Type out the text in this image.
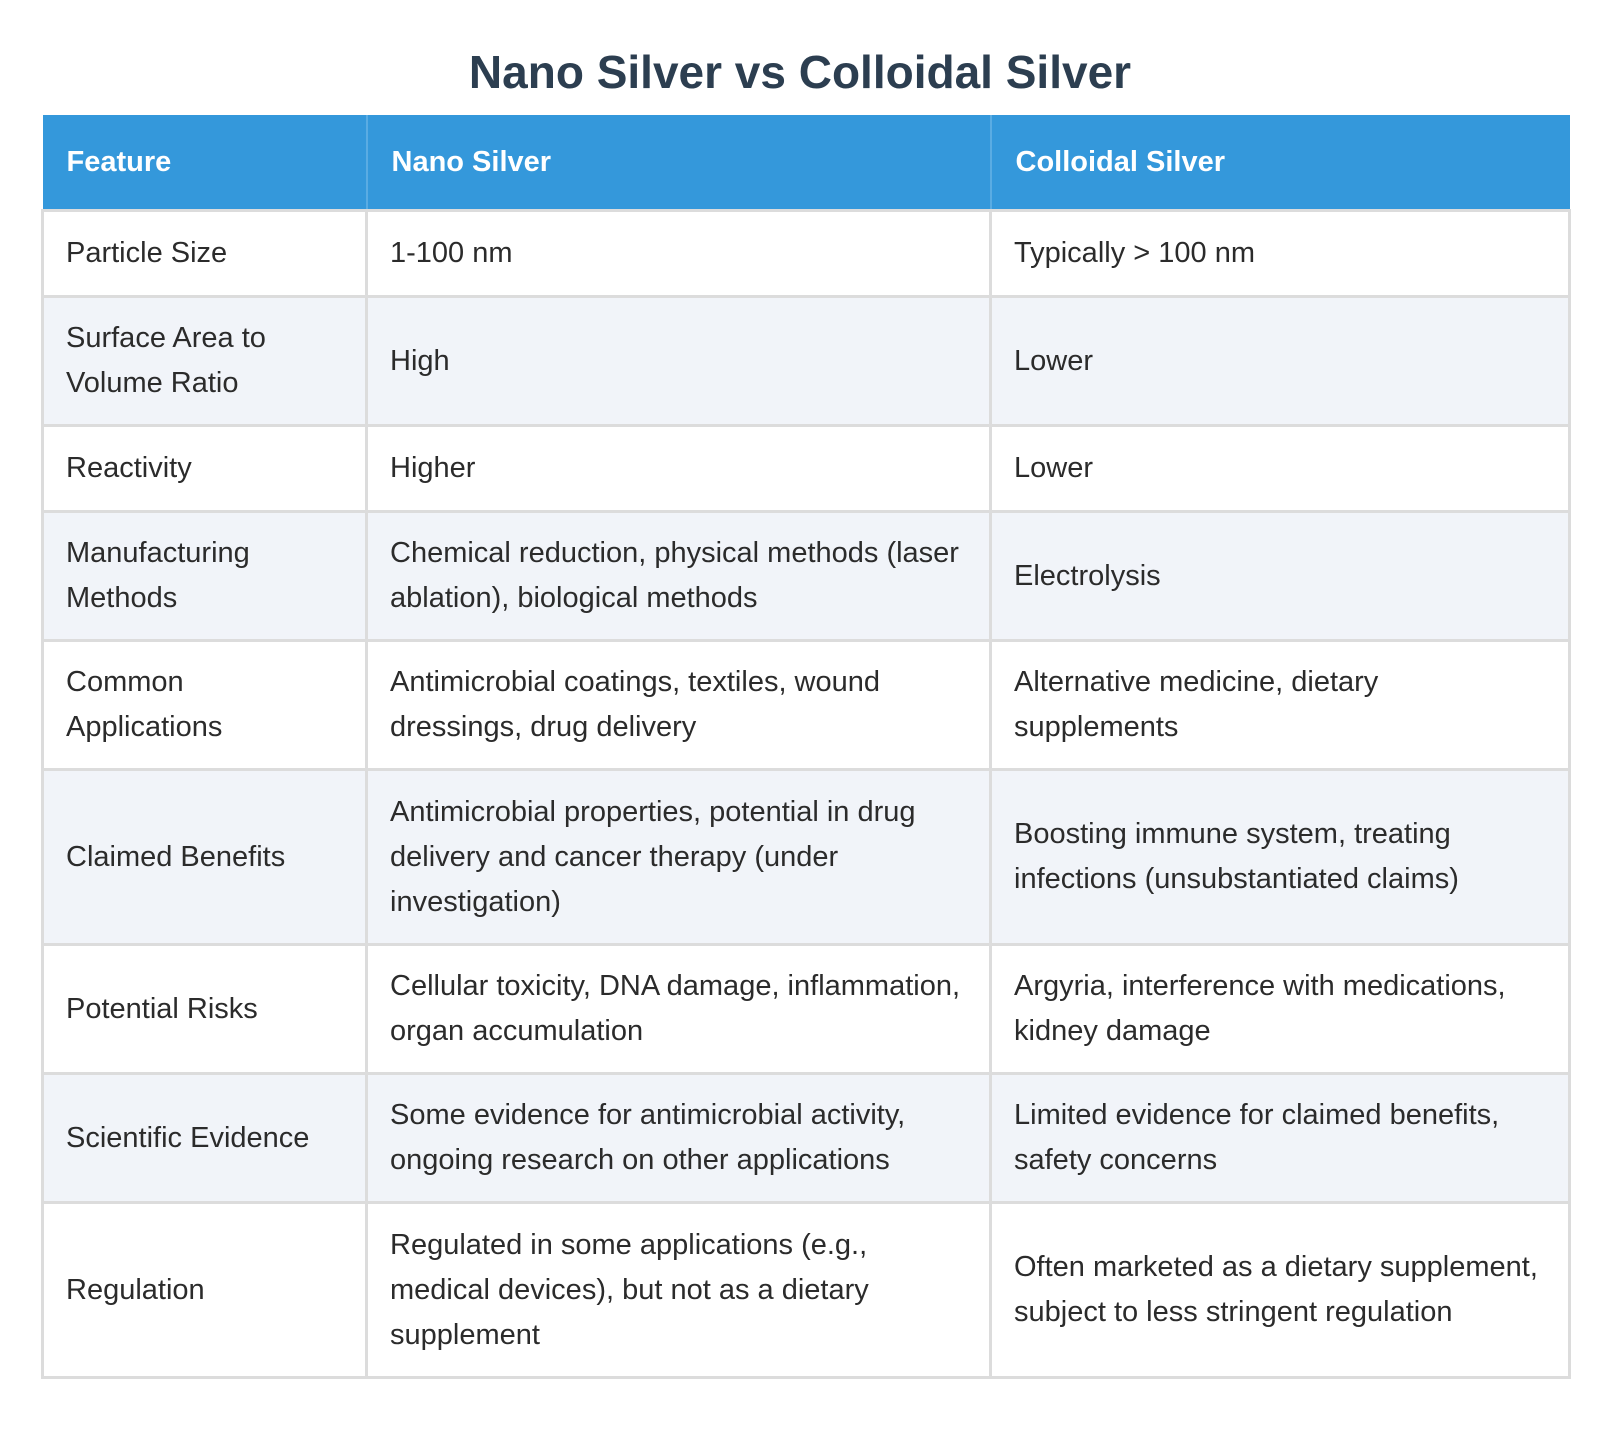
Nano Silver vs Colloidal Silver
Feature	Nano Silver	Colloidal Silver
Particle Size	1-100 nm	Typically > 100 nm
Surface Area to Volume Ratio	High	Lower
Reactivity	Higher	Lower
Manufacturing Methods	Chemical reduction, physical methods (laser ablation), biological methods	Electrolysis
Common Applications	Antimicrobial coatings, textiles, wound dressings, drug delivery	Alternative medicine, dietary supplements
Claimed Benefits	Antimicrobial properties, potential in drug delivery and cancer therapy (under investigation)	Boosting immune system, treating infections (unsubstantiated claims)
Potential Risks	Cellular toxicity, DNA damage, inflammation, organ accumulation	Argyria, interference with medications, kidney damage
Scientific Evidence	Some evidence for antimicrobial activity, ongoing research on other applications	Limited evidence for claimed benefits, safety concerns
Regulation	Regulated in some applications (e.g., medical devices), but not as a dietary supplement	Often marketed as a dietary supplement, subject to less stringent regulation
